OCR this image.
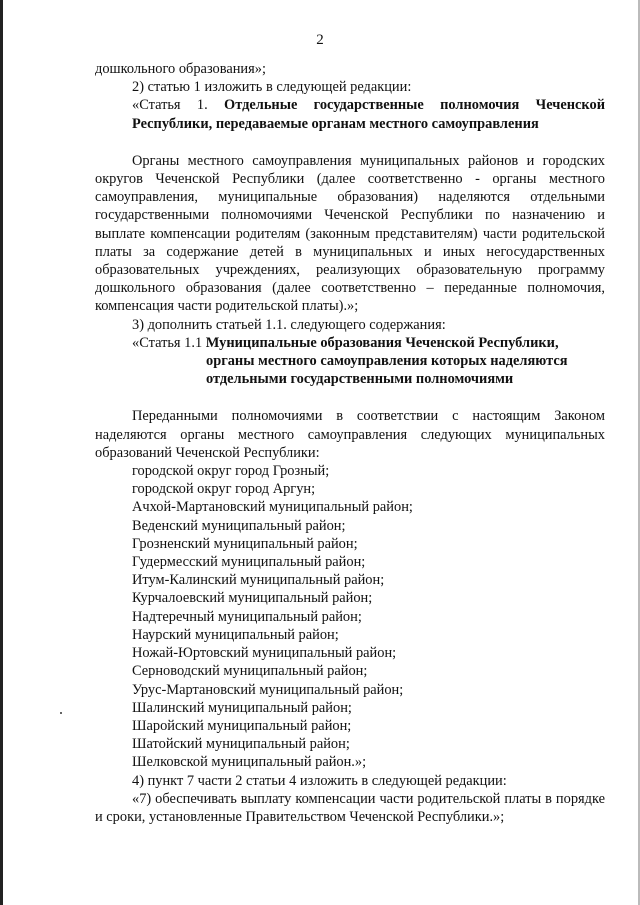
2

дошкольного образования»;

2) статью 1 изложить в следующей редакции:

«Статья 1. Отдельные государственные полномочия Чеченской Республики, передаваемые органам местного самоуправления

Органы местного самоуправления муниципальных районов и городских округов Чеченской Республики (далее соответственно - органы местного самоуправления, муниципальные образования) наделяются отдельными государственными полномочиями Чеченской Республики по назначению и выплате компенсации родителям (законным представителям) части родительской платы за содержание детей в муниципальных и иных негосударственных образовательных учреждениях, реализующих образовательную программу дошкольного образования (далее соответственно – переданные полномочия, компенсация части родительской платы).»;

3) дополнить статьей 1.1. следующего содержания:

«Статья 1.1 Муниципальные образования Чеченской Республики,
органы местного самоуправления которых наделяются
отдельными государственными полномочиями

Переданными полномочиями в соответствии с настоящим Законом наделяются органы местного самоуправления следующих муниципальных образований Чеченской Республики:

городской округ город Грозный;

городской округ город Аргун;

Ачхой-Мартановский муниципальный район;

Веденский муниципальный район;

Грозненский муниципальный район;

Гудермесский муниципальный район;

Итум-Калинский муниципальный район;

Курчалоевский муниципальный район;

Надтеречный муниципальный район;

Наурский муниципальный район;

Ножай-Юртовский муниципальный район;

Серноводский муниципальный район;

Урус-Мартановский муниципальный район;

Шалинский муниципальный район;

Шаройский муниципальный район;

Шатойский муниципальный район;

Шелковской муниципальный район.»;

4) пункт 7 части 2 статьи 4 изложить в следующей редакции:

«7) обеспечивать выплату компенсации части родительской платы в порядке и сроки, установленные Правительством Чеченской Республики.»;
